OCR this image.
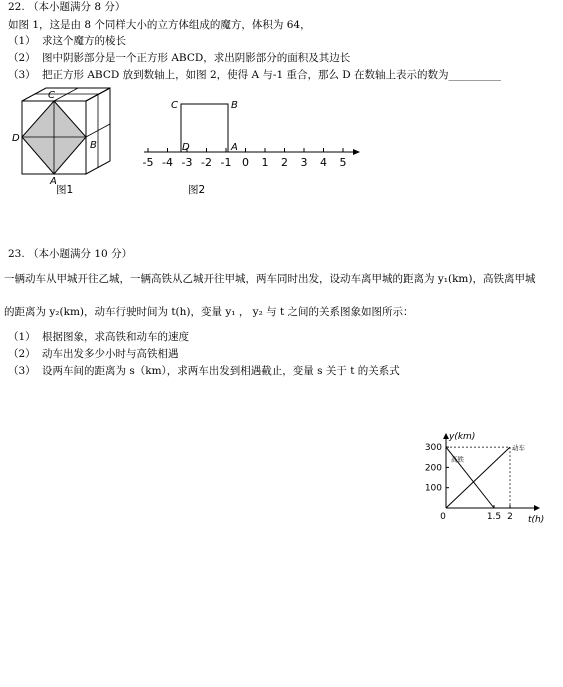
22. （本小题满分 8 分）
如图 1，这是由 8 个同样大小的立方体组成的魔方，体积为 64，
（1） 求这个魔方的棱长
（2） 图中阴影部分是一个正方形 ABCD，求出阴影部分的面积及其边长
（3） 把正方形 ABCD 放到数轴上，如图 2，使得 A 与-1 重合，那么 D 在数轴上表示的数为__________
C
D
B
A
图1
C	B
D	A
-5 -4 -3 -2 -1 0 1 2 3 4 5
图2
23. （本小题满分 10 分）
一辆动车从甲城开往乙城，一辆高铁从乙城开往甲城，两车同时出发，设动车离甲城的距离为 y₁(km)，高铁离甲城
的距离为 y₂(km)，动车行驶时间为 t(h)，变量 y₁ ， y₂ 与 t 之间的关系图象如图所示：
（1） 根据图象，求高铁和动车的速度
（2） 动车出发多少小时与高铁相遇
（3） 设两车间的距离为 s（km），求两车出发到相遇截止，变量 s 关于 t 的关系式
100
200
300
1.5 2
0
y(km)
t(h)
动车
高铁
